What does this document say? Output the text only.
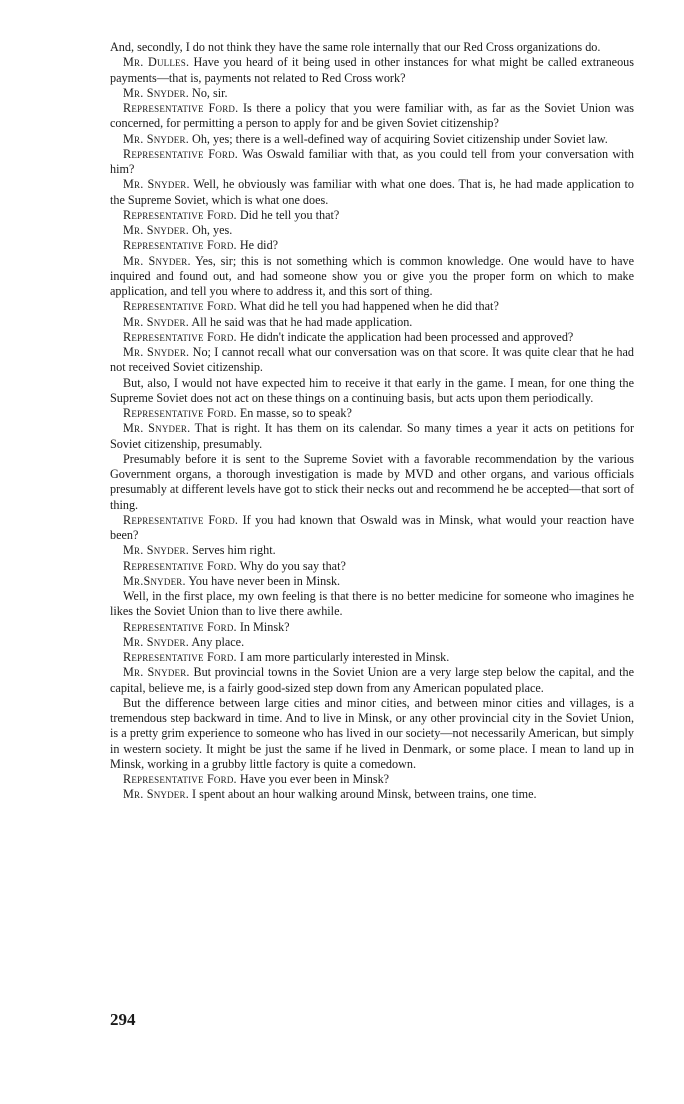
And, secondly, I do not think they have the same role internally that our Red Cross organizations do.

Mr. Dulles. Have you heard of it being used in other instances for what might be called extraneous payments—that is, payments not related to Red Cross work?

Mr. Snyder. No, sir.

Representative Ford. Is there a policy that you were familiar with, as far as the Soviet Union was concerned, for permitting a person to apply for and be given Soviet citizenship?

Mr. Snyder. Oh, yes; there is a well-defined way of acquiring Soviet citizenship under Soviet law.

Representative Ford. Was Oswald familiar with that, as you could tell from your conversation with him?

Mr. Snyder. Well, he obviously was familiar with what one does. That is, he had made application to the Supreme Soviet, which is what one does.

Representative Ford. Did he tell you that?

Mr. Snyder. Oh, yes.

Representative Ford. He did?

Mr. Snyder. Yes, sir; this is not something which is common knowledge. One would have to have inquired and found out, and had someone show you or give you the proper form on which to make application, and tell you where to address it, and this sort of thing.

Representative Ford. What did he tell you had happened when he did that?

Mr. Snyder. All he said was that he had made application.

Representative Ford. He didn't indicate the application had been processed and approved?

Mr. Snyder. No; I cannot recall what our conversation was on that score. It was quite clear that he had not received Soviet citizenship.

But, also, I would not have expected him to receive it that early in the game. I mean, for one thing the Supreme Soviet does not act on these things on a continuing basis, but acts upon them periodically.

Representative Ford. En masse, so to speak?

Mr. Snyder. That is right. It has them on its calendar. So many times a year it acts on petitions for Soviet citizenship, presumably.

Presumably before it is sent to the Supreme Soviet with a favorable recommendation by the various Government organs, a thorough investigation is made by MVD and other organs, and various officials presumably at different levels have got to stick their necks out and recommend he be accepted—that sort of thing.

Representative Ford. If you had known that Oswald was in Minsk, what would your reaction have been?

Mr. Snyder. Serves him right.

Representative Ford. Why do you say that?

Mr.Snyder. You have never been in Minsk.

Well, in the first place, my own feeling is that there is no better medicine for someone who imagines he likes the Soviet Union than to live there awhile.

Representative Ford. In Minsk?

Mr. Snyder. Any place.

Representative Ford. I am more particularly interested in Minsk.

Mr. Snyder. But provincial towns in the Soviet Union are a very large step below the capital, and the capital, believe me, is a fairly good-sized step down from any American populated place.

But the difference between large cities and minor cities, and between minor cities and villages, is a tremendous step backward in time. And to live in Minsk, or any other provincial city in the Soviet Union, is a pretty grim experience to someone who has lived in our society—not necessarily American, but simply in western society. It might be just the same if he lived in Denmark, or some place. I mean to land up in Minsk, working in a grubby little factory is quite a comedown.

Representative Ford. Have you ever been in Minsk?

Mr. Snyder. I spent about an hour walking around Minsk, between trains, one time.

294
